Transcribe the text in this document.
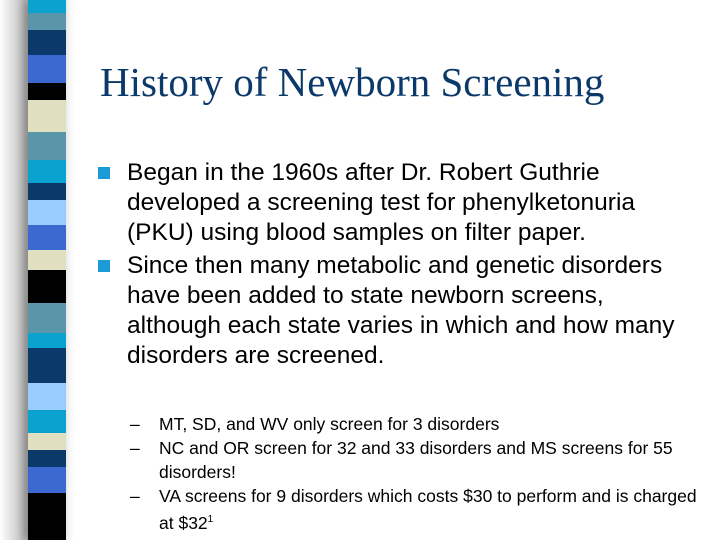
History of Newborn Screening
Began in the 1960s after Dr. Robert Guthrie developed a screening test for phenylketonuria (PKU) using blood samples on filter paper.
Since then many metabolic and genetic disorders have been added to state newborn screens, although each state varies in which and how many disorders are screened.
– MT, SD, and WV only screen for 3 disorders
– NC and OR screen for 32 and 33 disorders and MS screens for 55 disorders!
– VA screens for 9 disorders which costs $30 to perform and is charged at $\$32^1$
